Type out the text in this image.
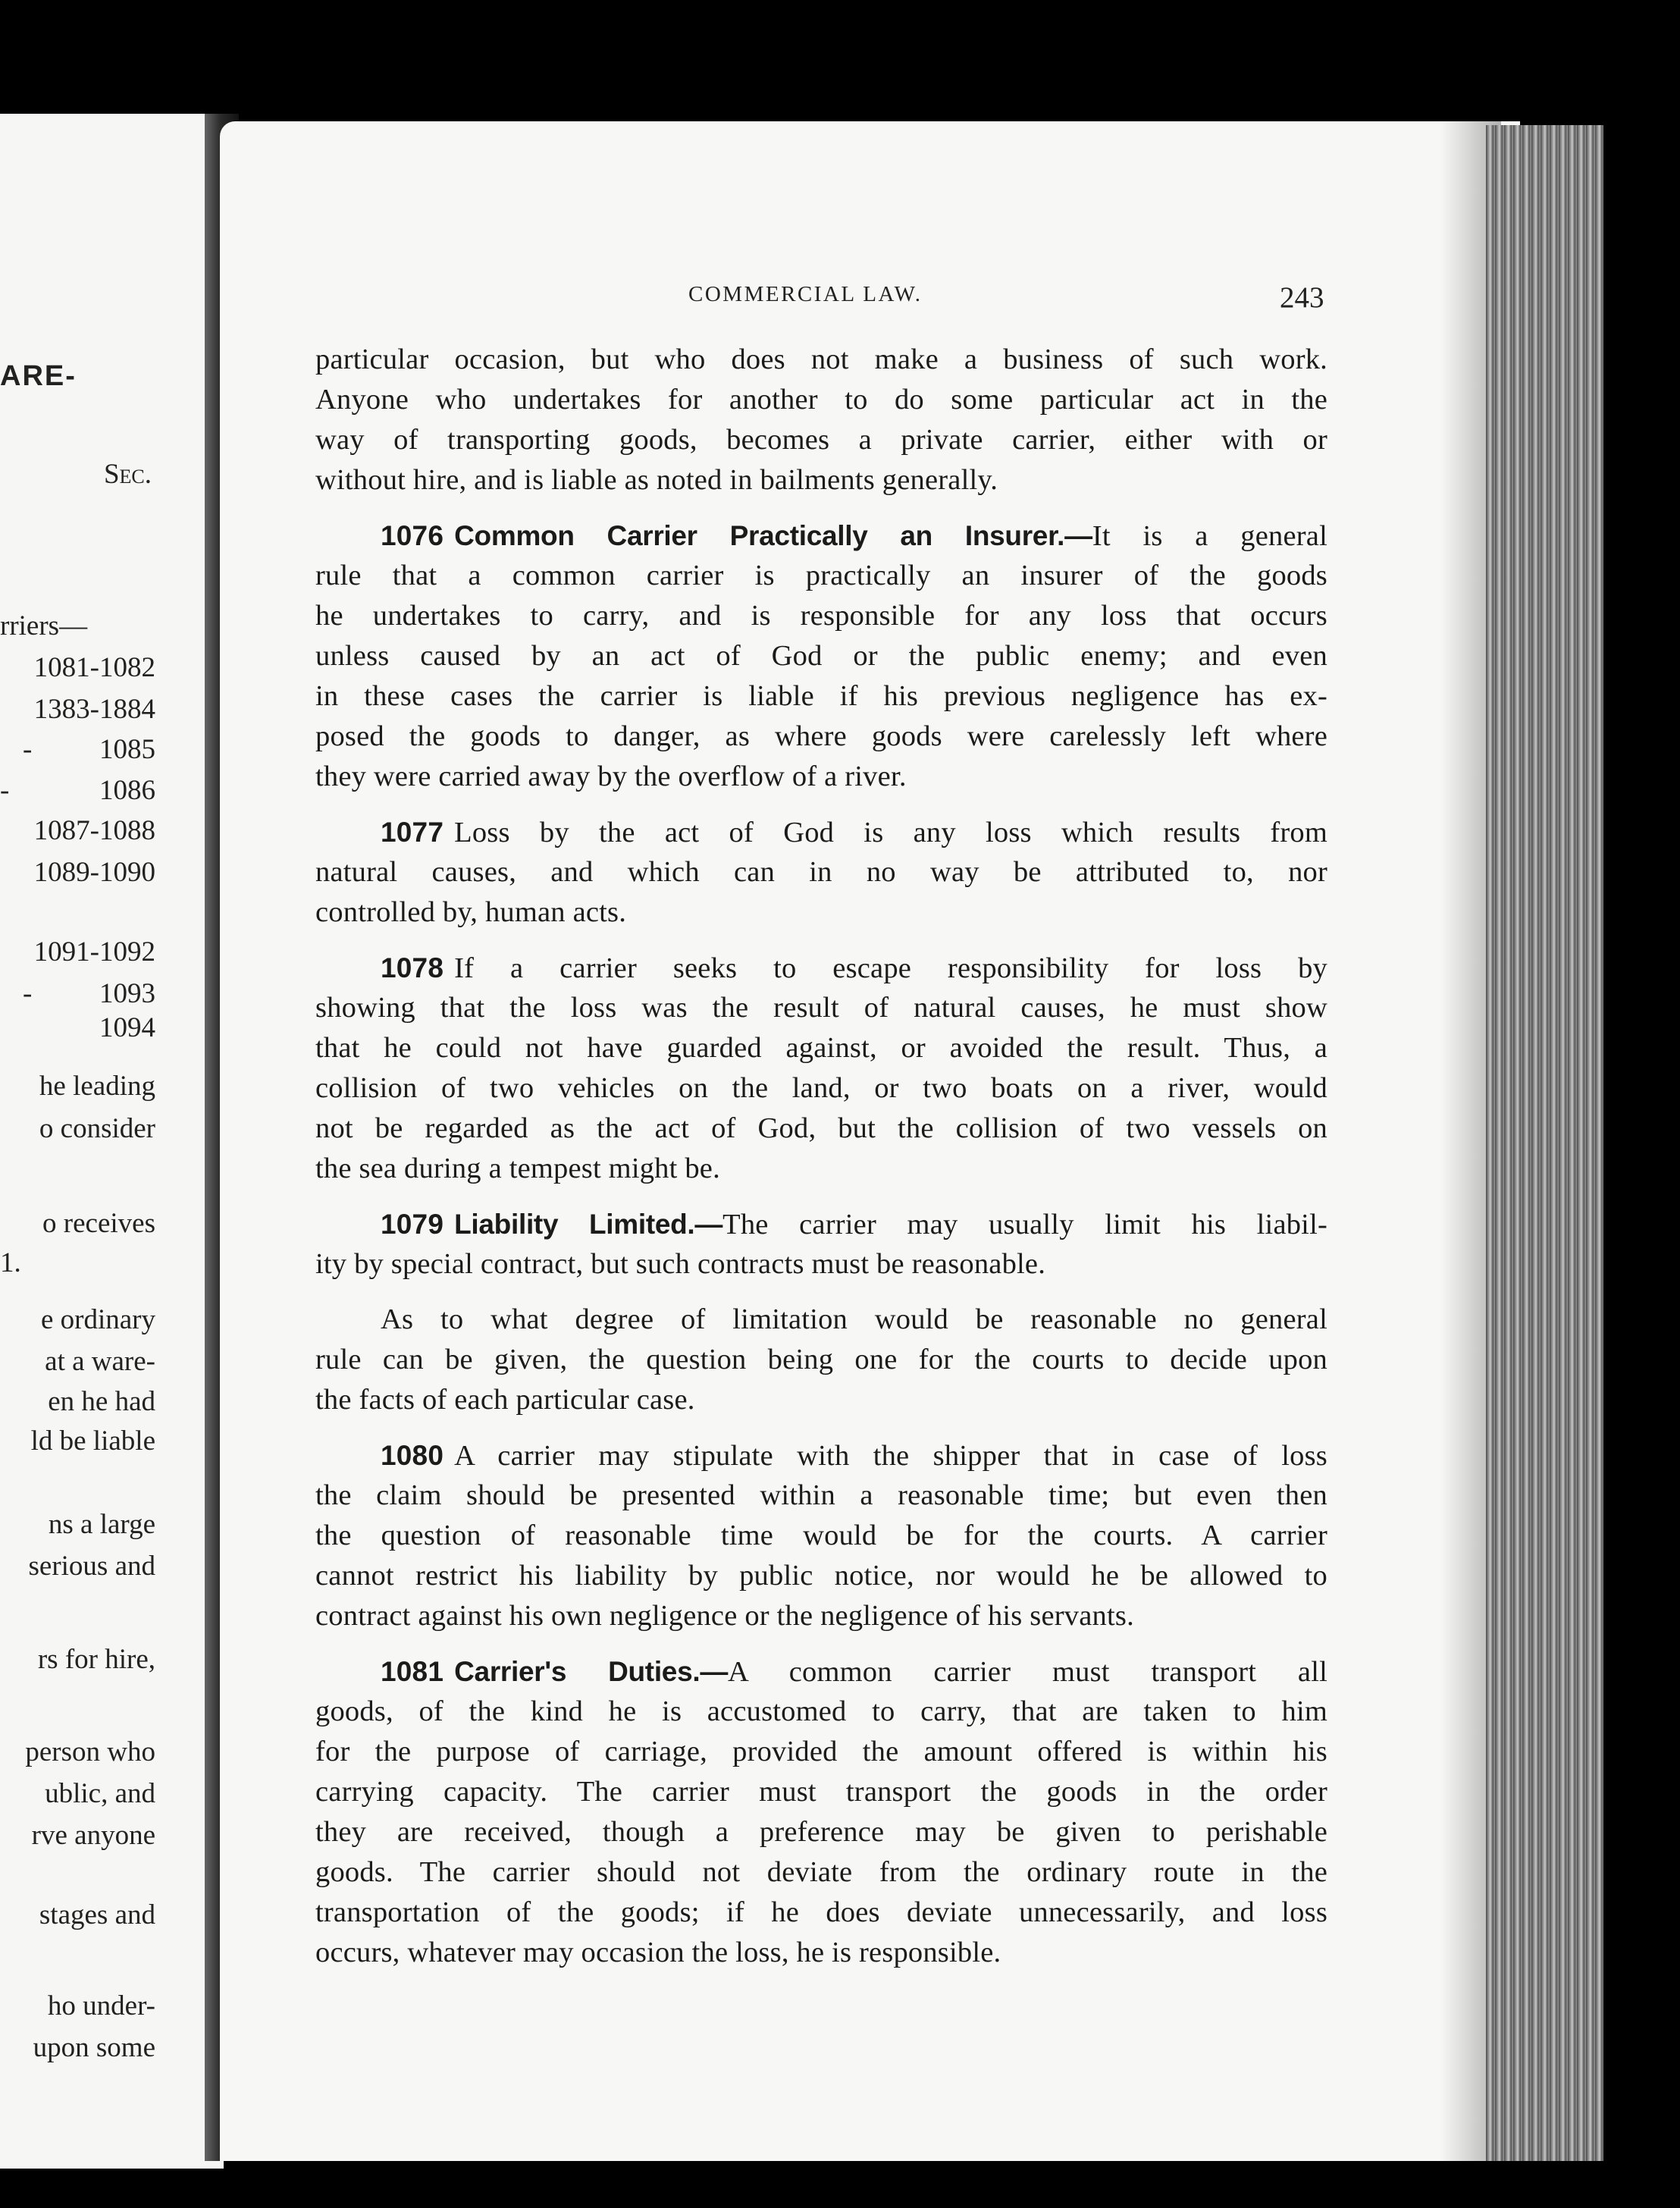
ARE-
Sec.
rriers—
1081-1082
1383-1884
- 1085
-	1086
1087-1088
1089-1090
1091-1092
- 1093
1094
he leading
o consider
o receives
1.
e ordinary
at a ware-
en he had
ld be liable
ns a large
serious and
rs for hire,
person who
ublic, and
rve anyone
stages and
ho under-
upon some
COMMERCIAL LAW.	243
particular occasion, but who does not make a business of such work.
Anyone who undertakes for another to do some particular act in the
way of transporting goods, becomes a private carrier, either with or
without hire, and is liable as noted in bailments generally.
1076 Common Carrier Practically an Insurer.—It is a general
rule that a common carrier is practically an insurer of the goods
he undertakes to carry, and is responsible for any loss that occurs
unless caused by an act of God or the public enemy; and even
in these cases the carrier is liable if his previous negligence has ex-
posed the goods to danger, as where goods were carelessly left where
they were carried away by the overflow of a river.
1077 Loss by the act of God is any loss which results from
natural causes, and which can in no way be attributed to, nor
controlled by, human acts.
1078 If a carrier seeks to escape responsibility for loss by
showing that the loss was the result of natural causes, he must show
that he could not have guarded against, or avoided the result. Thus, a
collision of two vehicles on the land, or two boats on a river, would
not be regarded as the act of God, but the collision of two vessels on
the sea during a tempest might be.
1079 Liability Limited.—The carrier may usually limit his liabil-
ity by special contract, but such contracts must be reasonable.
As to what degree of limitation would be reasonable no general
rule can be given, the question being one for the courts to decide upon
the facts of each particular case.
1080 A carrier may stipulate with the shipper that in case of loss
the claim should be presented within a reasonable time; but even then
the question of reasonable time would be for the courts. A carrier
cannot restrict his liability by public notice, nor would he be allowed to
contract against his own negligence or the negligence of his servants.
1081 Carrier's Duties.—A common carrier must transport all
goods, of the kind he is accustomed to carry, that are taken to him
for the purpose of carriage, provided the amount offered is within his
carrying capacity. The carrier must transport the goods in the order
they are received, though a preference may be given to perishable
goods. The carrier should not deviate from the ordinary route in the
transportation of the goods; if he does deviate unnecessarily, and loss
occurs, whatever may occasion the loss, he is responsible.
